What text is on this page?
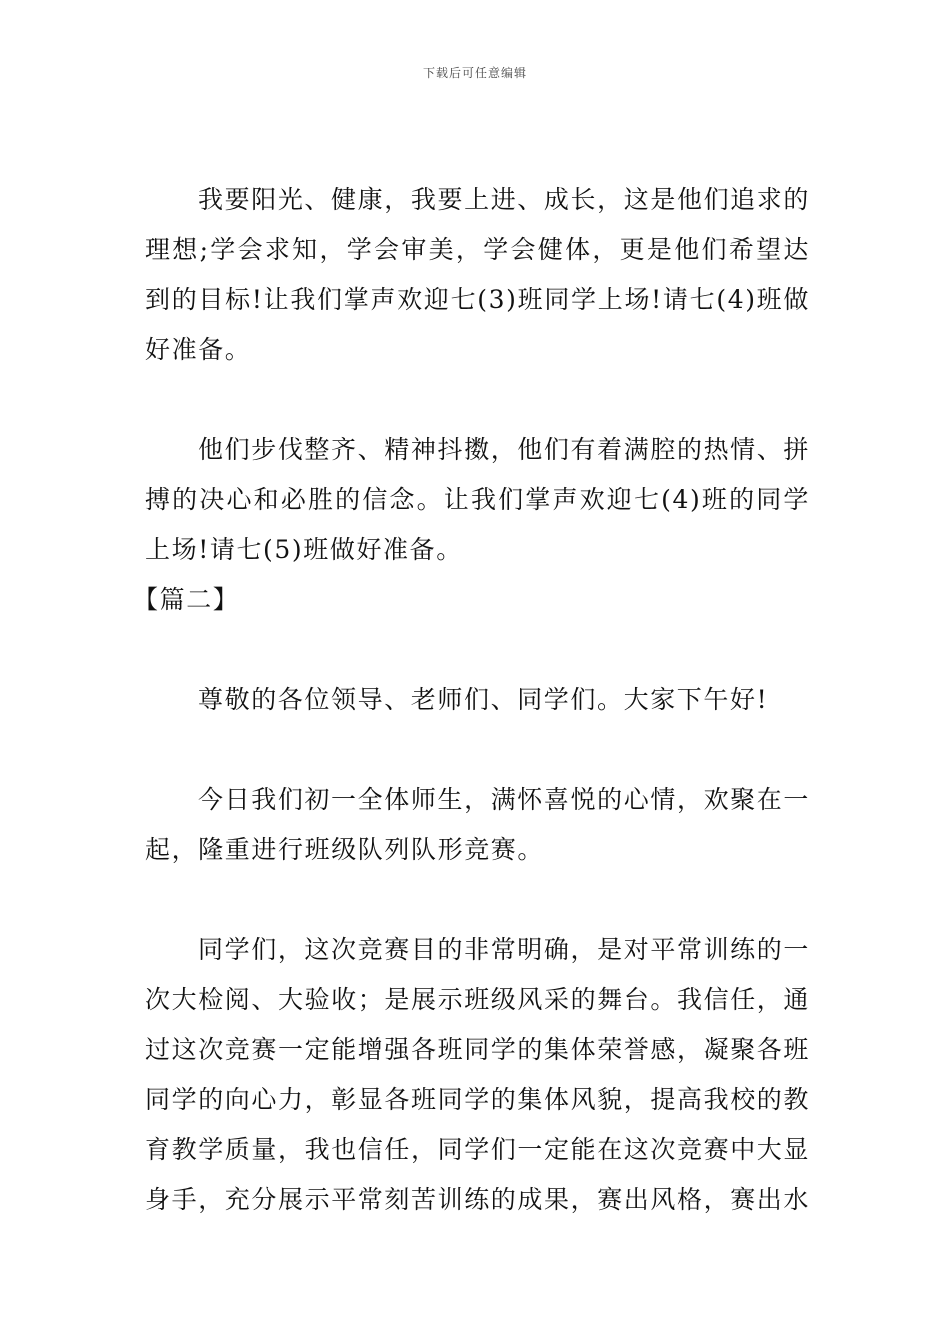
下载后可任意编辑

我要阳光、健康，我要上进、成长，这是他们追求的理想;学会求知，学会审美，学会健体，更是他们希望达到的目标!让我们掌声欢迎七(3)班同学上场!请七(4)班做好准备。

他们步伐整齐、精神抖擞，他们有着满腔的热情、拼搏的决心和必胜的信念。让我们掌声欢迎七(4)班的同学上场!请七(5)班做好准备。

【篇二】

尊敬的各位领导、老师们、同学们。大家下午好!

今日我们初一全体师生，满怀喜悦的心情，欢聚在一起，隆重进行班级队列队形竞赛。

同学们，这次竞赛目的非常明确，是对平常训练的一次大检阅、大验收；是展示班级风采的舞台。我信任，通过这次竞赛一定能增强各班同学的集体荣誉感，凝聚各班同学的向心力，彰显各班同学的集体风貌，提高我校的教育教学质量，我也信任，同学们一定能在这次竞赛中大显身手，充分展示平常刻苦训练的成果，赛出风格，赛出水
